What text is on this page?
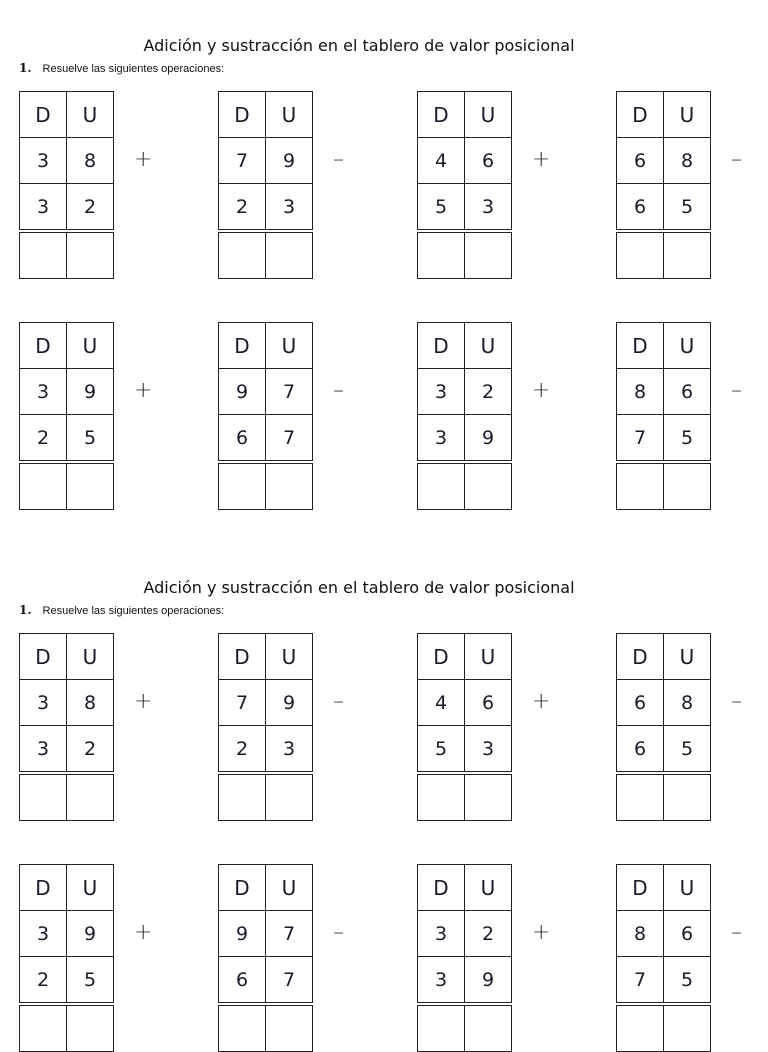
Adición y sustracción en el tablero de valor posicional
1. Resuelve las siguientes operaciones:
D	U
3	8
3	2

+
D	U
7	9
2	3

–
D	U
4	6
5	3

+
D	U
6	8
6	5

–
D	U
3	9
2	5

+
D	U
9	7
6	7

–
D	U
3	2
3	9

+
D	U
8	6
7	5

–
Adición y sustracción en el tablero de valor posicional
1. Resuelve las siguientes operaciones:
D	U
3	8
3	2

+
D	U
7	9
2	3

–
D	U
4	6
5	3

+
D	U
6	8
6	5

–
D	U
3	9
2	5

+
D	U
9	7
6	7

–
D	U
3	2
3	9

+
D	U
8	6
7	5

–
